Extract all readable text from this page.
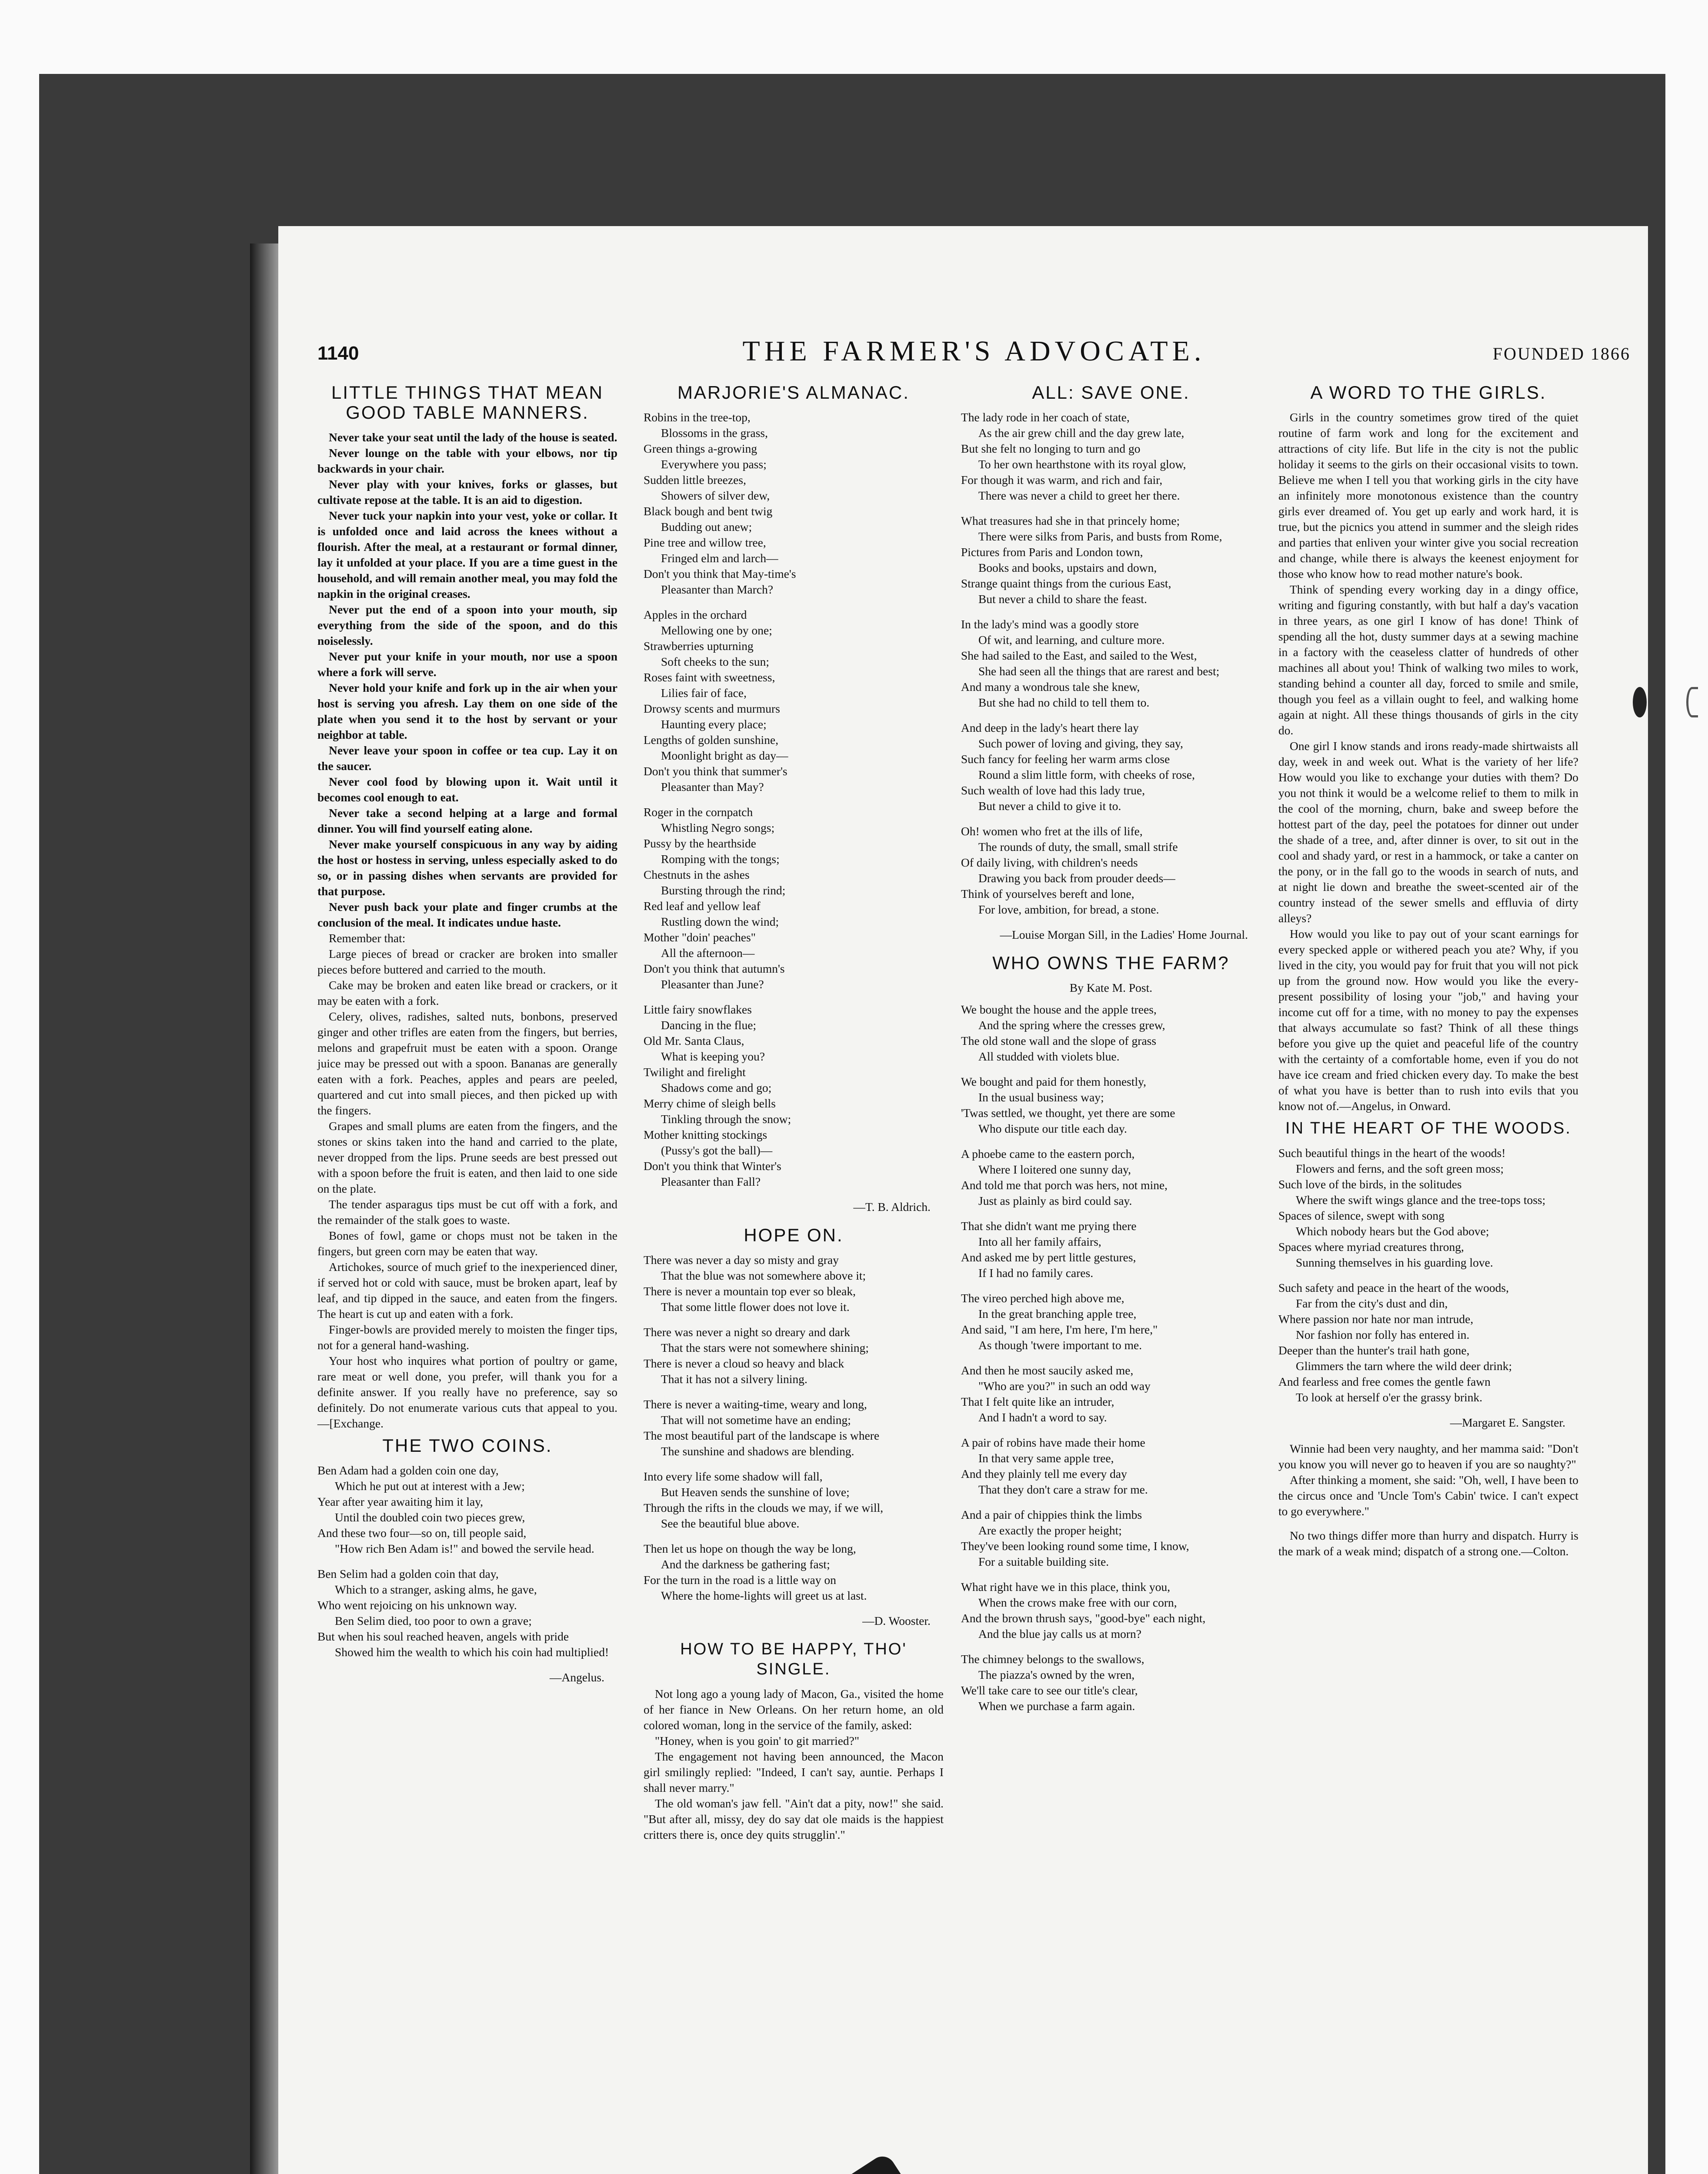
1140	THE FARMER'S ADVOCATE.	FOUNDED 1866
LITTLE THINGS THAT MEAN GOOD TABLE MANNERS.

Never take your seat until the lady of the house is seated.

Never lounge on the table with your elbows, nor tip backwards in your chair.

Never play with your knives, forks or glasses, but cultivate repose at the table. It is an aid to digestion.

Never tuck your napkin into your vest, yoke or collar. It is unfolded once and laid across the knees without a flourish. After the meal, at a restaurant or formal dinner, lay it unfolded at your place. If you are a time guest in the household, and will remain another meal, you may fold the napkin in the original creases.

Never put the end of a spoon into your mouth, sip everything from the side of the spoon, and do this noiselessly.

Never put your knife in your mouth, nor use a spoon where a fork will serve.

Never hold your knife and fork up in the air when your host is serving you afresh. Lay them on one side of the plate when you send it to the host by servant or your neighbor at table.

Never leave your spoon in coffee or tea cup. Lay it on the saucer.

Never cool food by blowing upon it. Wait until it becomes cool enough to eat.

Never take a second helping at a large and formal dinner. You will find yourself eating alone.

Never make yourself conspicuous in any way by aiding the host or hostess in serving, unless especially asked to do so, or in passing dishes when servants are provided for that purpose.

Never push back your plate and finger crumbs at the conclusion of the meal. It indicates undue haste.

Remember that:

Large pieces of bread or cracker are broken into smaller pieces before buttered and carried to the mouth.

Cake may be broken and eaten like bread or crackers, or it may be eaten with a fork.

Celery, olives, radishes, salted nuts, bonbons, preserved ginger and other trifles are eaten from the fingers, but berries, melons and grapefruit must be eaten with a spoon. Orange juice may be pressed out with a spoon. Bananas are generally eaten with a fork. Peaches, apples and pears are peeled, quartered and cut into small pieces, and then picked up with the fingers.

Grapes and small plums are eaten from the fingers, and the stones or skins taken into the hand and carried to the plate, never dropped from the lips. Prune seeds are best pressed out with a spoon before the fruit is eaten, and then laid to one side on the plate.

The tender asparagus tips must be cut off with a fork, and the remainder of the stalk goes to waste.

Bones of fowl, game or chops must not be taken in the fingers, but green corn may be eaten that way.

Artichokes, source of much grief to the inexperienced diner, if served hot or cold with sauce, must be broken apart, leaf by leaf, and tip dipped in the sauce, and eaten from the fingers. The heart is cut up and eaten with a fork.

Finger-bowls are provided merely to moisten the finger tips, not for a general hand-washing.

Your host who inquires what portion of poultry or game, rare meat or well done, you prefer, will thank you for a definite answer. If you really have no preference, say so definitely. Do not enumerate various cuts that appeal to you.—[Exchange.

THE TWO COINS.
Ben Adam had a golden coin one day,
Which he put out at interest with a Jew;
Year after year awaiting him it lay,
Until the doubled coin two pieces grew,
And these two four—so on, till people said,
"How rich Ben Adam is!" and bowed the servile head.
Ben Selim had a golden coin that day,
Which to a stranger, asking alms, he gave,
Who went rejoicing on his unknown way.
Ben Selim died, too poor to own a grave;
But when his soul reached heaven, angels with pride
Showed him the wealth to which his coin had multiplied!
—Angelus.
MARJORIE'S ALMANAC.
Robins in the tree-top,
Blossoms in the grass,
Green things a-growing
Everywhere you pass;
Sudden little breezes,
Showers of silver dew,
Black bough and bent twig
Budding out anew;
Pine tree and willow tree,
Fringed elm and larch—
Don't you think that May-time's
Pleasanter than March?
Apples in the orchard
Mellowing one by one;
Strawberries upturning
Soft cheeks to the sun;
Roses faint with sweetness,
Lilies fair of face,
Drowsy scents and murmurs
Haunting every place;
Lengths of golden sunshine,
Moonlight bright as day—
Don't you think that summer's
Pleasanter than May?
Roger in the cornpatch
Whistling Negro songs;
Pussy by the hearthside
Romping with the tongs;
Chestnuts in the ashes
Bursting through the rind;
Red leaf and yellow leaf
Rustling down the wind;
Mother "doin' peaches"
All the afternoon—
Don't you think that autumn's
Pleasanter than June?
Little fairy snowflakes
Dancing in the flue;
Old Mr. Santa Claus,
What is keeping you?
Twilight and firelight
Shadows come and go;
Merry chime of sleigh bells
Tinkling through the snow;
Mother knitting stockings
(Pussy's got the ball)—
Don't you think that Winter's
Pleasanter than Fall?
—T. B. Aldrich.
HOPE ON.
There was never a day so misty and gray
That the blue was not somewhere above it;
There is never a mountain top ever so bleak,
That some little flower does not love it.
There was never a night so dreary and dark
That the stars were not somewhere shining;
There is never a cloud so heavy and black
That it has not a silvery lining.
There is never a waiting-time, weary and long,
That will not sometime have an ending;
The most beautiful part of the landscape is where
The sunshine and shadows are blending.
Into every life some shadow will fall,
But Heaven sends the sunshine of love;
Through the rifts in the clouds we may, if we will,
See the beautiful blue above.
Then let us hope on though the way be long,
And the darkness be gathering fast;
For the turn in the road is a little way on
Where the home-lights will greet us at last.
—D. Wooster.
HOW TO BE HAPPY, THO' SINGLE.

Not long ago a young lady of Macon, Ga., visited the home of her fiance in New Orleans. On her return home, an old colored woman, long in the service of the family, asked:

"Honey, when is you goin' to git married?"

The engagement not having been announced, the Macon girl smilingly replied: "Indeed, I can't say, auntie. Perhaps I shall never marry."

The old woman's jaw fell. "Ain't dat a pity, now!" she said. "But after all, missy, dey do say dat ole maids is the happiest critters there is, once dey quits strugglin'."

ALL: SAVE ONE.
The lady rode in her coach of state,
As the air grew chill and the day grew late,
But she felt no longing to turn and go
To her own hearthstone with its royal glow,
For though it was warm, and rich and fair,
There was never a child to greet her there.
What treasures had she in that princely home;
There were silks from Paris, and busts from Rome,
Pictures from Paris and London town,
Books and books, upstairs and down,
Strange quaint things from the curious East,
But never a child to share the feast.
In the lady's mind was a goodly store
Of wit, and learning, and culture more.
She had sailed to the East, and sailed to the West,
She had seen all the things that are rarest and best;
And many a wondrous tale she knew,
But she had no child to tell them to.
And deep in the lady's heart there lay
Such power of loving and giving, they say,
Such fancy for feeling her warm arms close
Round a slim little form, with cheeks of rose,
Such wealth of love had this lady true,
But never a child to give it to.
Oh! women who fret at the ills of life,
The rounds of duty, the small, small strife
Of daily living, with children's needs
Drawing you back from prouder deeds—
Think of yourselves bereft and lone,
For love, ambition, for bread, a stone.
—Louise Morgan Sill, in the Ladies' Home Journal.
WHO OWNS THE FARM?
By Kate M. Post.
We bought the house and the apple trees,
And the spring where the cresses grew,
The old stone wall and the slope of grass
All studded with violets blue.
We bought and paid for them honestly,
In the usual business way;
'Twas settled, we thought, yet there are some
Who dispute our title each day.
A phoebe came to the eastern porch,
Where I loitered one sunny day,
And told me that porch was hers, not mine,
Just as plainly as bird could say.
That she didn't want me prying there
Into all her family affairs,
And asked me by pert little gestures,
If I had no family cares.
The vireo perched high above me,
In the great branching apple tree,
And said, "I am here, I'm here, I'm here,"
As though 'twere important to me.
And then he most saucily asked me,
"Who are you?" in such an odd way
That I felt quite like an intruder,
And I hadn't a word to say.
A pair of robins have made their home
In that very same apple tree,
And they plainly tell me every day
That they don't care a straw for me.
And a pair of chippies think the limbs
Are exactly the proper height;
They've been looking round some time, I know,
For a suitable building site.
What right have we in this place, think you,
When the crows make free with our corn,
And the brown thrush says, "good-bye" each night,
And the blue jay calls us at morn?
The chimney belongs to the swallows,
The piazza's owned by the wren,
We'll take care to see our title's clear,
When we purchase a farm again.
A WORD TO THE GIRLS.

Girls in the country sometimes grow tired of the quiet routine of farm work and long for the excitement and attractions of city life. But life in the city is not the public holiday it seems to the girls on their occasional visits to town. Believe me when I tell you that working girls in the city have an infinitely more monotonous existence than the country girls ever dreamed of. You get up early and work hard, it is true, but the picnics you attend in summer and the sleigh rides and parties that enliven your winter give you social recreation and change, while there is always the keenest enjoyment for those who know how to read mother nature's book.

Think of spending every working day in a dingy office, writing and figuring constantly, with but half a day's vacation in three years, as one girl I know of has done! Think of spending all the hot, dusty summer days at a sewing machine in a factory with the ceaseless clatter of hundreds of other machines all about you! Think of walking two miles to work, standing behind a counter all day, forced to smile and smile, though you feel as a villain ought to feel, and walking home again at night. All these things thousands of girls in the city do.

One girl I know stands and irons ready-made shirtwaists all day, week in and week out. What is the variety of her life? How would you like to exchange your duties with them? Do you not think it would be a welcome relief to them to milk in the cool of the morning, churn, bake and sweep before the hottest part of the day, peel the potatoes for dinner out under the shade of a tree, and, after dinner is over, to sit out in the cool and shady yard, or rest in a hammock, or take a canter on the pony, or in the fall go to the woods in search of nuts, and at night lie down and breathe the sweet-scented air of the country instead of the sewer smells and effluvia of dirty alleys?

How would you like to pay out of your scant earnings for every specked apple or withered peach you ate? Why, if you lived in the city, you would pay for fruit that you will not pick up from the ground now. How would you like the every-present possibility of losing your "job," and having your income cut off for a time, with no money to pay the expenses that always accumulate so fast? Think of all these things before you give up the quiet and peaceful life of the country with the certainty of a comfortable home, even if you do not have ice cream and fried chicken every day. To make the best of what you have is better than to rush into evils that you know not of.—Angelus, in Onward.

IN THE HEART OF THE WOODS.
Such beautiful things in the heart of the woods!
Flowers and ferns, and the soft green moss;
Such love of the birds, in the solitudes
Where the swift wings glance and the tree-tops toss;
Spaces of silence, swept with song
Which nobody hears but the God above;
Spaces where myriad creatures throng,
Sunning themselves in his guarding love.
Such safety and peace in the heart of the woods,
Far from the city's dust and din,
Where passion nor hate nor man intrude,
Nor fashion nor folly has entered in.
Deeper than the hunter's trail hath gone,
Glimmers the tarn where the wild deer drink;
And fearless and free comes the gentle fawn
To look at herself o'er the grassy brink.
—Margaret E. Sangster.

Winnie had been very naughty, and her mamma said: "Don't you know you will never go to heaven if you are so naughty?"

After thinking a moment, she said: "Oh, well, I have been to the circus once and 'Uncle Tom's Cabin' twice. I can't expect to go everywhere."

No two things differ more than hurry and dispatch. Hurry is the mark of a weak mind; dispatch of a strong one.—Colton.
